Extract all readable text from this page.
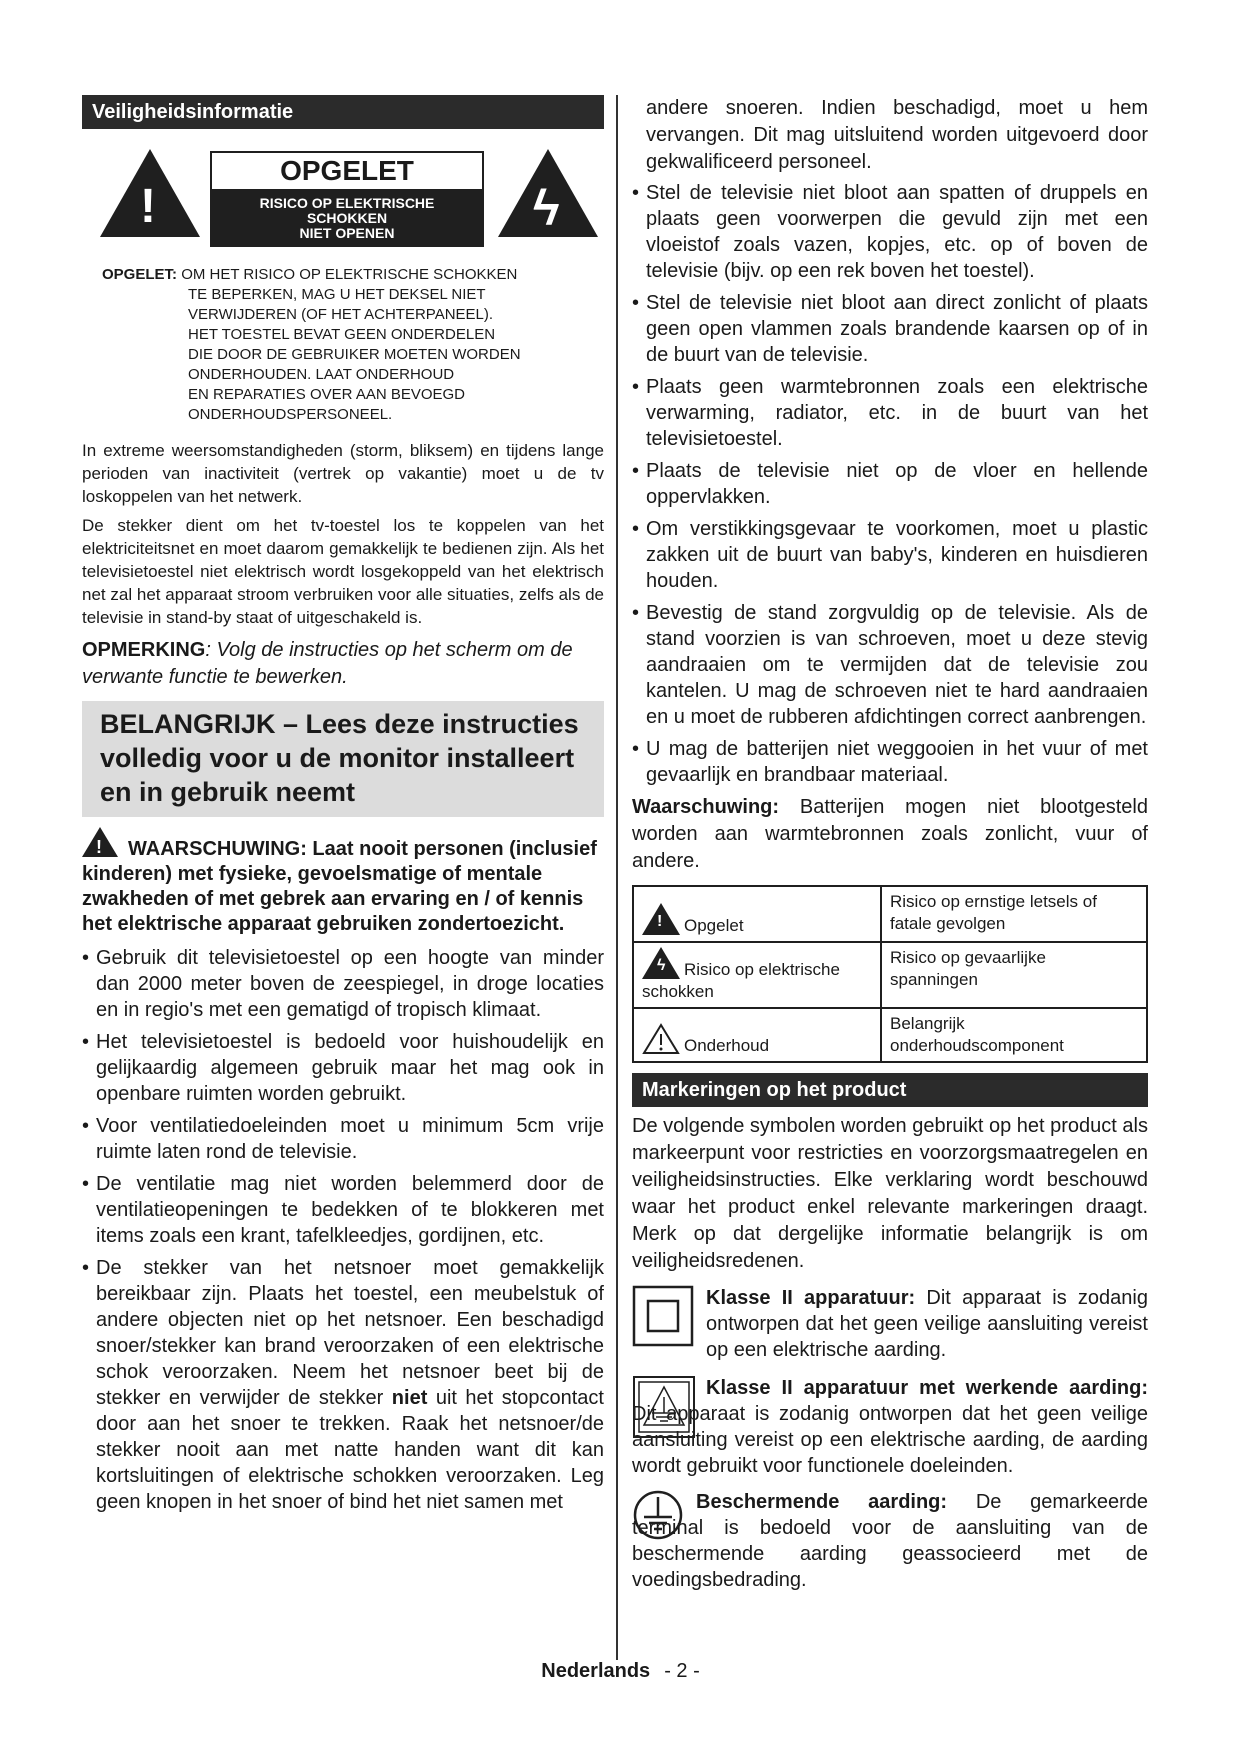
Veiligheidsinformatie
!
OPGELET
RISICO OP ELEKTRISCHE
SCHOKKEN
NIET OPENEN	ϟ
OPGELET: OM HET RISICO OP ELEKTRISCHE SCHOKKEN
TE BEPERKEN, MAG U HET DEKSEL NIET
VERWIJDEREN (OF HET ACHTERPANEEL).
HET TOESTEL BEVAT GEEN ONDERDELEN
DIE DOOR DE GEBRUIKER MOETEN WORDEN
ONDERHOUDEN. LAAT ONDERHOUD
EN REPARATIES OVER AAN BEVOEGD
ONDERHOUDSPERSONEEL.

In extreme weersomstandigheden (storm, bliksem) en tijdens lange perioden van inactiviteit (vertrek op vakantie) moet u de tv loskoppelen van het netwerk.

De stekker dient om het tv-toestel los te koppelen van het elektriciteitsnet en moet daarom gemakkelijk te bedienen zijn. Als het televisietoestel niet elektrisch wordt losgekoppeld van het elektrisch net zal het apparaat stroom verbruiken voor alle situaties, zelfs als de televisie in stand-by staat of uitgeschakeld is.

OPMERKING: Volg de instructies op het scherm om de verwante functie te bewerken.

BELANGRIJK – Lees deze instructies volledig voor u de monitor installeert en in gebruik neemt
! WAARSCHUWING: Laat nooit personen (inclusief kinderen) met fysieke, gevoelsmatige of mentale zwakheden of met gebrek aan ervaring en / of kennis het elektrische apparaat gebruiken zondertoezicht.
• Gebruik dit televisietoestel op een hoogte van minder dan 2000 meter boven de zeespiegel, in droge locaties en in regio's met een gematigd of tropisch klimaat.
• Het televisietoestel is bedoeld voor huishoudelijk en gelijkaardig algemeen gebruik maar het mag ook in openbare ruimten worden gebruikt.
• Voor ventilatiedoeleinden moet u minimum 5cm vrije ruimte laten rond de televisie.
• De ventilatie mag niet worden belemmerd door de ventilatieopeningen te bedekken of te blokkeren met items zoals een krant, tafelkleedjes, gordijnen, etc.
• De stekker van het netsnoer moet gemakkelijk bereikbaar zijn. Plaats het toestel, een meubelstuk of andere objecten niet op het netsnoer. Een beschadigd snoer/stekker kan brand veroorzaken of een elektrische schok veroorzaken. Neem het netsnoer beet bij de stekker en verwijder de stekker niet uit het stopcontact door aan het snoer te trekken. Raak het netsnoer/de stekker nooit aan met natte handen want dit kan kortsluitingen of elektrische schokken veroorzaken. Leg geen knopen in het snoer of bind het niet samen met

andere snoeren. Indien beschadigd, moet u hem vervangen. Dit mag uitsluitend worden uitgevoerd door gekwalificeerd personeel.

• Stel de televisie niet bloot aan spatten of druppels en plaats geen voorwerpen die gevuld zijn met een vloeistof zoals vazen, kopjes, etc. op of boven de televisie (bijv. op een rek boven het toestel).
• Stel de televisie niet bloot aan direct zonlicht of plaats geen open vlammen zoals brandende kaarsen op of in de buurt van de televisie.
• Plaats geen warmtebronnen zoals een elektrische verwarming, radiator, etc. in de buurt van het televisietoestel.
• Plaats de televisie niet op de vloer en hellende oppervlakken.
• Om verstikkingsgevaar te voorkomen, moet u plastic zakken uit de buurt van baby's, kinderen en huisdieren houden.
• Bevestig de stand zorgvuldig op de televisie. Als de stand voorzien is van schroeven, moet u deze stevig aandraaien om te vermijden dat de televisie zou kantelen. U mag de schroeven niet te hard aandraaien en u moet de rubberen afdichtingen correct aanbrengen.
• U mag de batterijen niet weggooien in het vuur of met gevaarlijk en brandbaar materiaal.

Waarschuwing: Batterijen mogen niet blootgesteld worden aan warmtebronnen zoals zonlicht, vuur of andere.

! Opgelet	Risico op ernstige letsels of fatale gevolgen

ϟ Risico op elektrische schokken	Risico op gevaarlijke spanningen
Onderhoud	Belangrijk onderhoudscomponent
Markeringen op het product

De volgende symbolen worden gebruikt op het product als markeerpunt voor restricties en voorzorgsmaatregelen en veiligheidsinstructies. Elke verklaring wordt beschouwd waar het product enkel relevante markeringen draagt. Merk op dat dergelijke informatie belangrijk is om veiligheidsredenen.

Klasse II apparatuur: Dit apparaat is zodanig ontworpen dat het geen veilige aansluiting vereist op een elektrische aarding.
Klasse II apparatuur met werkende aarding: Dit apparaat is zodanig ontworpen dat het geen veilige aansluiting vereist op een elektrische aarding, de aarding wordt gebruikt voor functionele doeleinden.
Beschermende aarding: De gemarkeerde terminal is bedoeld voor de aansluiting van de beschermende aarding geassocieerd met de voedingsbedrading.
Nederlands - 2 -
